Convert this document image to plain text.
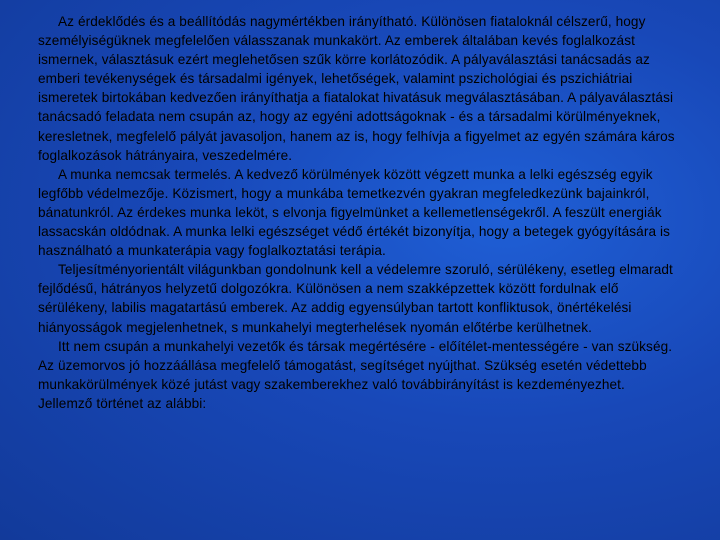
Az érdeklődés és a beállítódás nagymértékben irányítható. Különösen fiataloknál célszerű, hogy személyiségüknek megfelelően válasszanak munkakört. Az emberek általában kevés foglalkozást ismernek, választásuk ezért meglehetősen szűk körre korlátozódik. A pályaválasztási tanácsadás az emberi tevékenységek és társadalmi igények, lehetőségek, valamint pszichológiai és pszichiátriai ismeretek birtokában kedvezően irányíthatja a fiatalokat hivatásuk megválasztásában. A pályaválasztási tanácsadó feladata nem csupán az, hogy az egyéni adottságoknak - és a társadalmi körülményeknek, keresletnek, megfelelő pályát javasoljon, hanem az is, hogy felhívja a figyelmet az egyén számára káros foglalkozások hátrányaira, veszedelmére.

A munka nemcsak termelés. A kedvező körülmények között végzett munka a lelki egészség egyik legfőbb védelmezője. Közismert, hogy a munkába temetkezvén gyakran megfeledkezünk bajainkról, bánatunkról. Az érdekes munka leköt, s elvonja figyelmünket a kellemetlenségekről. A feszült energiák lassacskán oldódnak. A munka lelki egészséget védő értékét bizonyítja, hogy a betegek gyógyítására is használható a munkaterápia vagy foglalkoztatási terápia.

Teljesítményorientált világunkban gondolnunk kell a védelemre szoruló, sérülékeny, esetleg elmaradt fejlődésű, hátrányos helyzetű dolgozókra. Különösen a nem szakképzettek között fordulnak elő sérülékeny, labilis magatartású emberek. Az addig egyensúlyban tartott konfliktusok, önértékelési hiányosságok megjelenhetnek, s munkahelyi megterhelések nyomán előtérbe kerülhetnek.

Itt nem csupán a munkahelyi vezetők és társak megértésére - előítélet-mentességére - van szükség. Az üzemorvos jó hozzáállása megfelelő támogatást, segítséget nyújthat. Szükség esetén védettebb munkakörülmények közé jutást vagy szakemberekhez való továbbirányítást is kezdeményezhet.

Jellemző történet az alábbi:
